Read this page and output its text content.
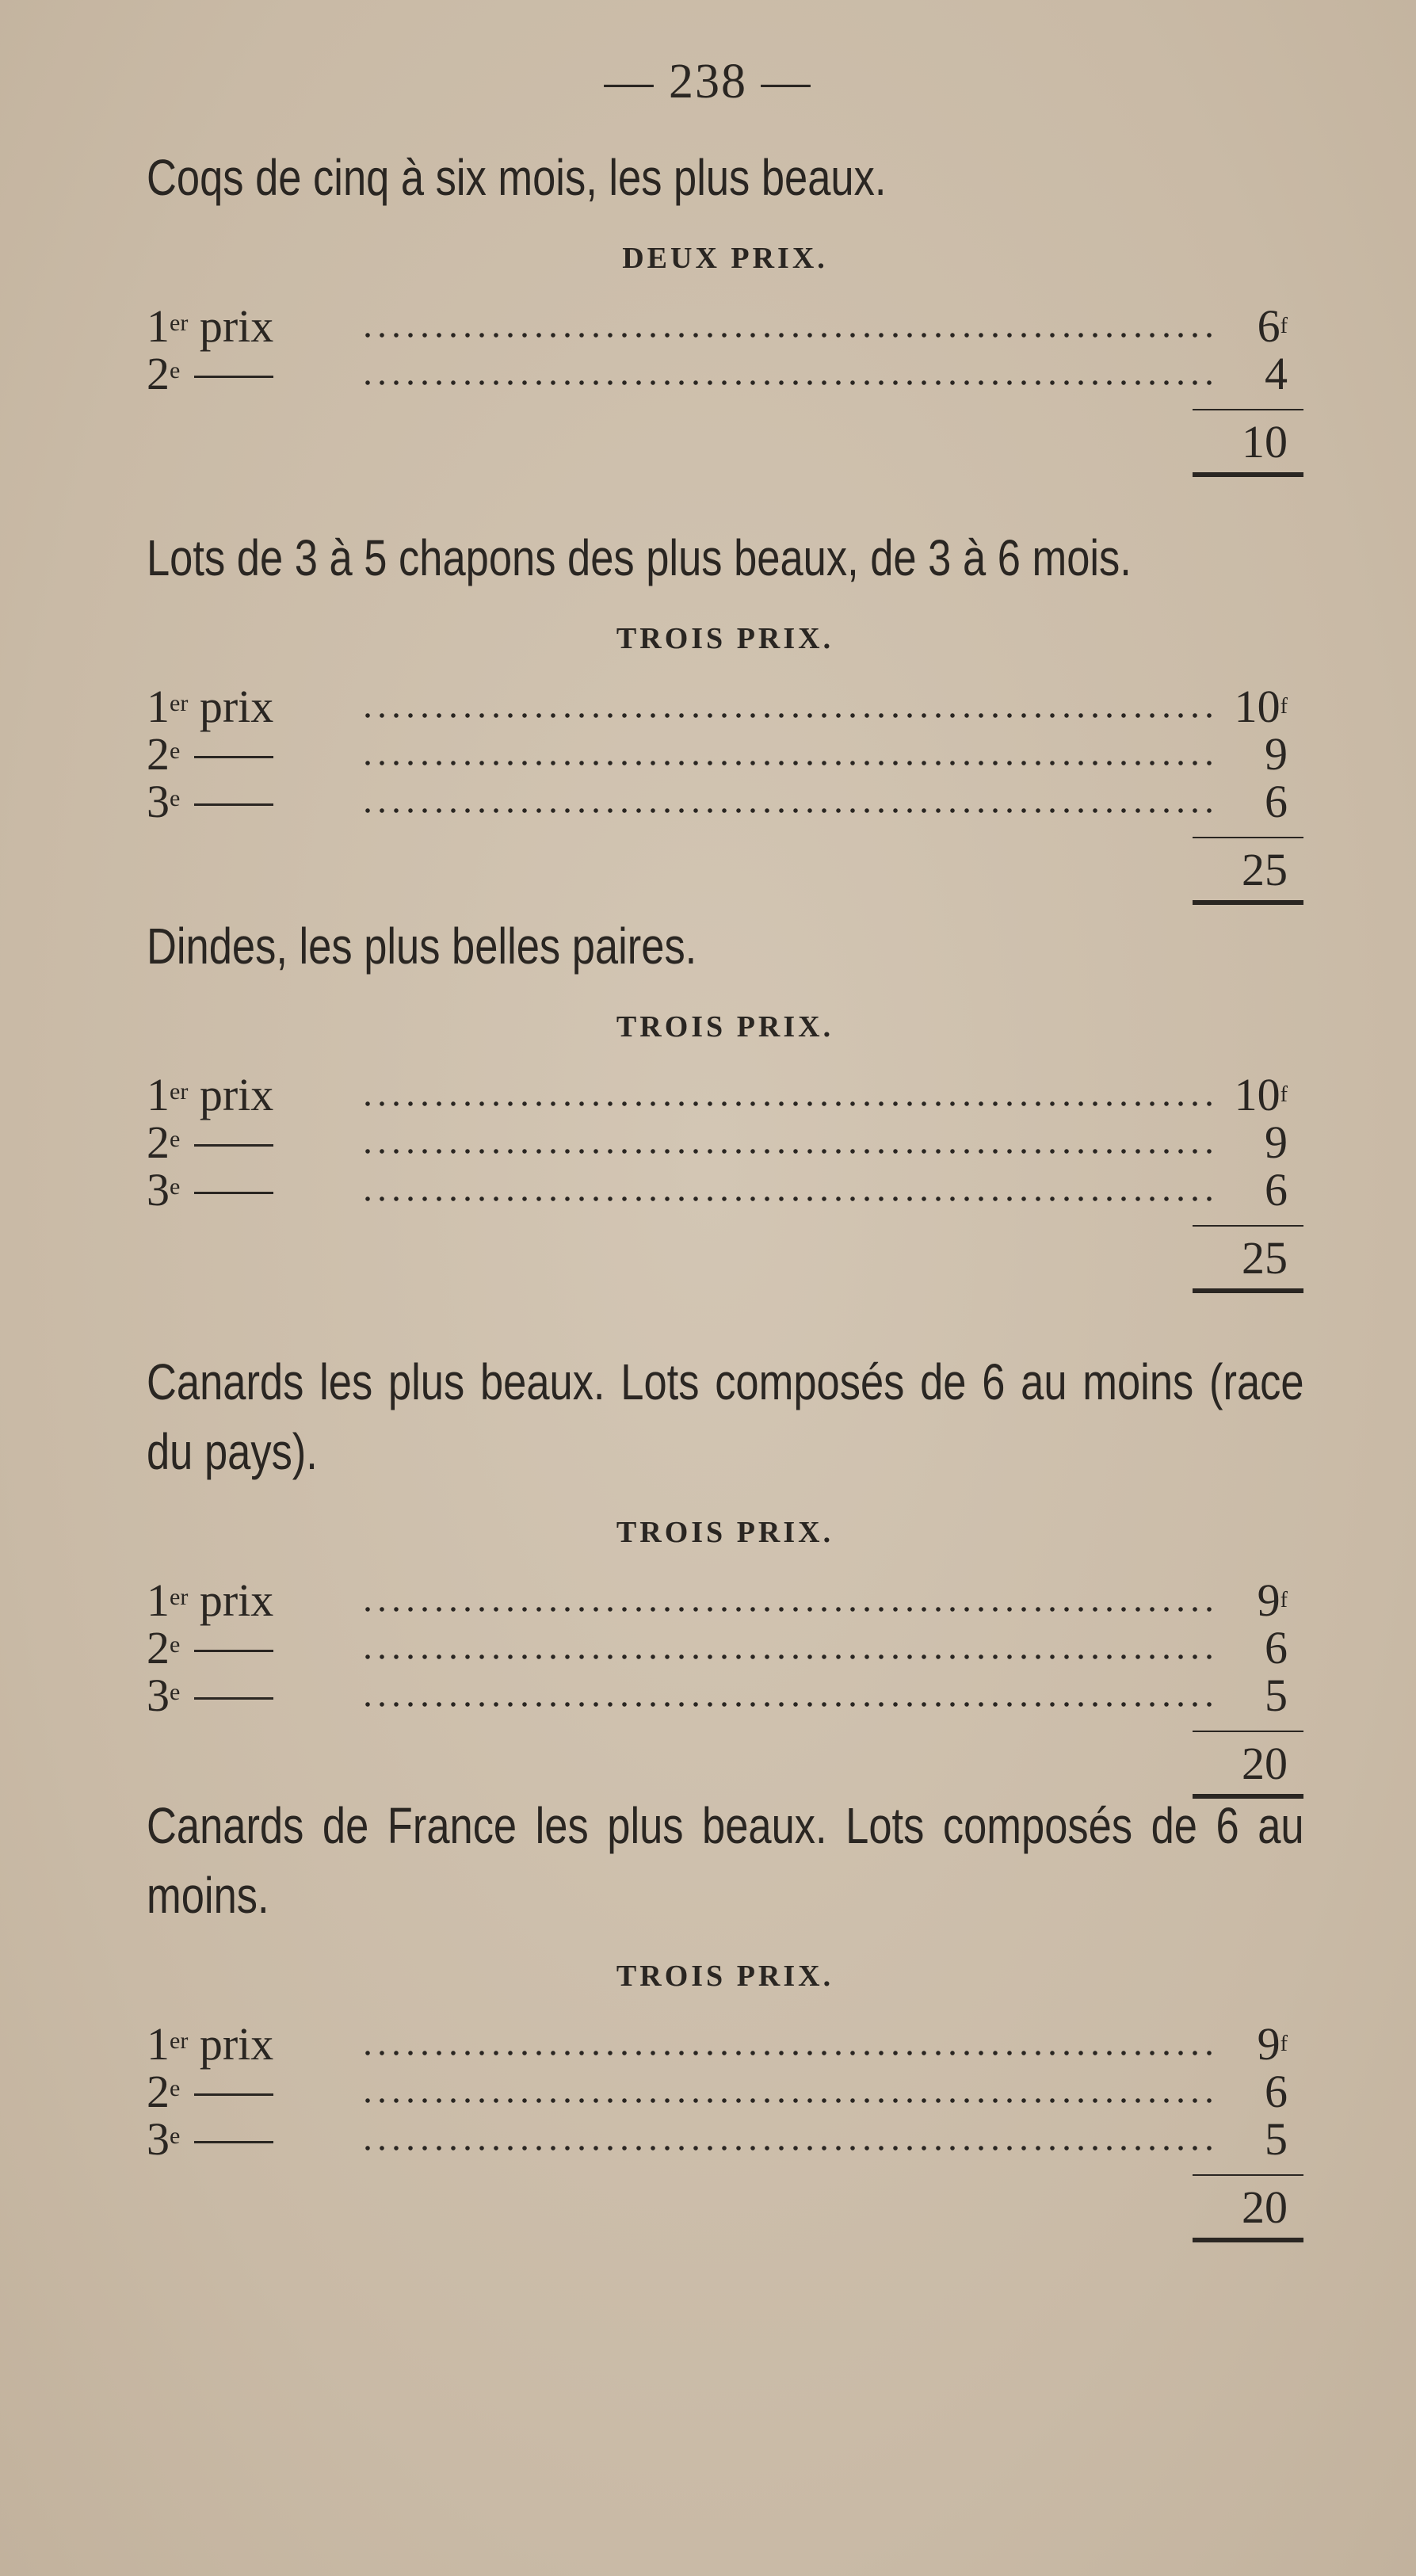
— 238 —
Coqs de cinq à six mois, les plus beaux.
DEUX PRIX.
1er prix	6$^f$
2e	4
10
Lots de 3 à 5 chapons des plus beaux, de 3 à 6 mois.
TROIS PRIX.
1er prix	10$^f$
2e	9
3e	6
25
Dindes, les plus belles paires.
TROIS PRIX.
1er prix	10$^f$
2e	9
3e	6
25
Canards les plus beaux. Lots composés de 6 au moins (race du pays).
TROIS PRIX.
1er prix	9$^f$
2e	6
3e	5
20
Canards de France les plus beaux. Lots composés de 6 au moins.
TROIS PRIX.
1er prix	9$^f$
2e	6
3e	5
20
